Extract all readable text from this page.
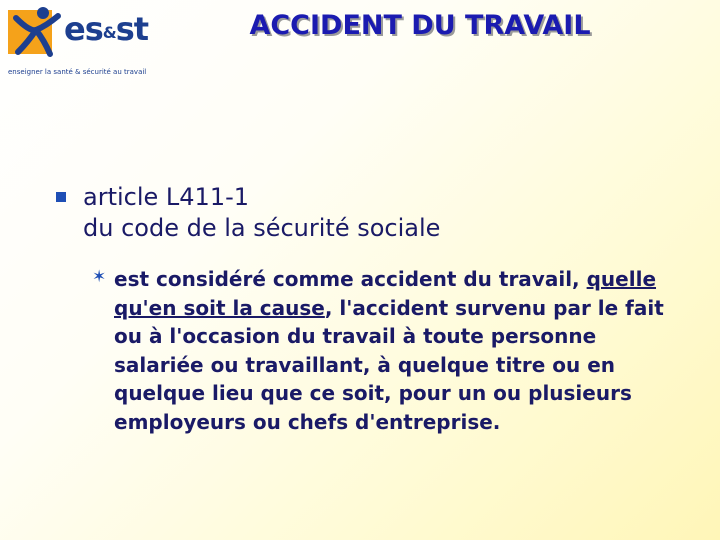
es&st
enseigner la santé & sécurité au travail
ACCIDENT DU TRAVAIL
article L411-1
du code de la sécurité sociale
✶ est considéré comme accident du travail, quelle qu'en soit la cause, l'accident survenu par le fait ou à l'occasion du travail à toute personne salariée ou travaillant, à quelque titre ou en quelque lieu que ce soit, pour un ou plusieurs employeurs ou chefs d'entreprise.
